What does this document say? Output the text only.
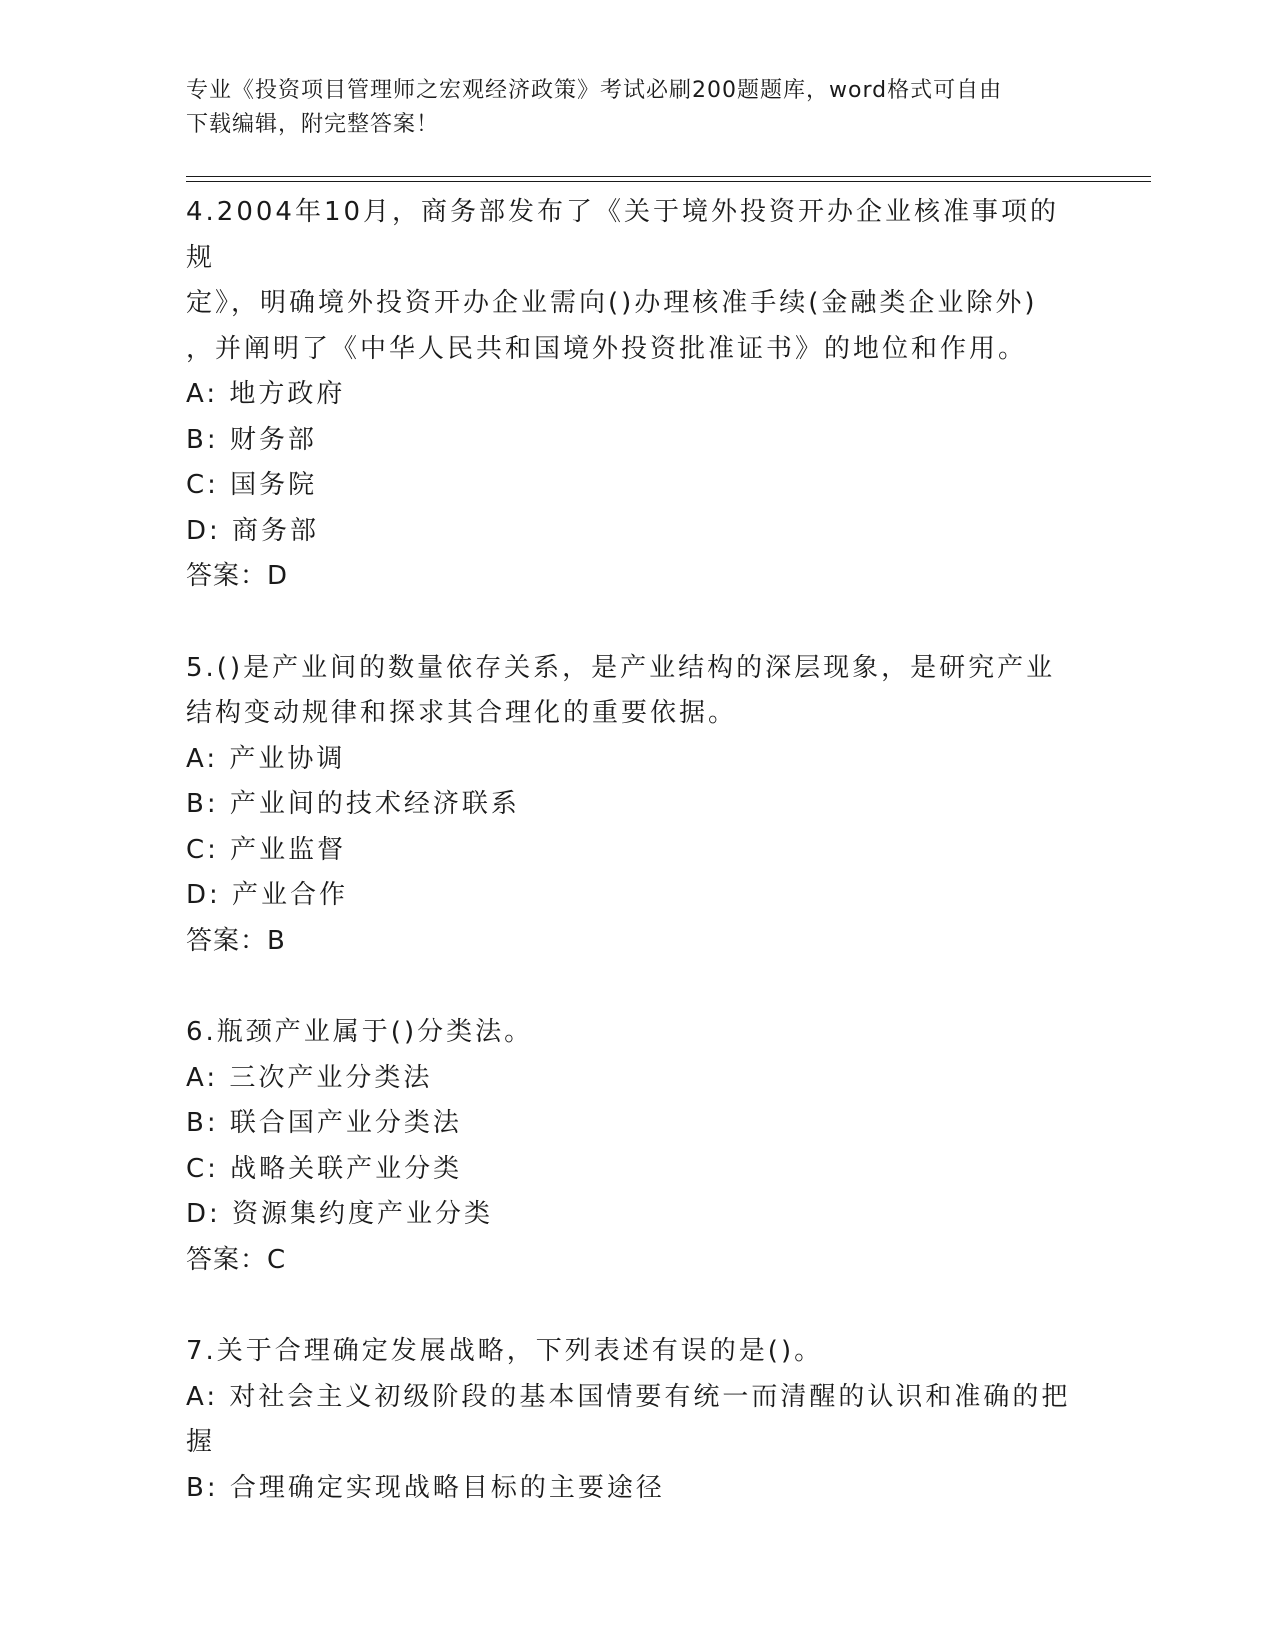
专业《投资项目管理师之宏观经济政策》考试必刷200题题库，word格式可自由
下载编辑，附完整答案！
4.2004年10月，商务部发布了《关于境外投资开办企业核准事项的规
定》，明确境外投资开办企业需向()办理核准手续(金融类企业除外)
，并阐明了《中华人民共和国境外投资批准证书》的地位和作用。
A: 地方政府
B: 财务部
C: 国务院
D: 商务部
答案：D
5.()是产业间的数量依存关系，是产业结构的深层现象，是研究产业
结构变动规律和探求其合理化的重要依据。
A: 产业协调
B: 产业间的技术经济联系
C: 产业监督
D: 产业合作
答案：B
6.瓶颈产业属于()分类法。
A: 三次产业分类法
B: 联合国产业分类法
C: 战略关联产业分类
D: 资源集约度产业分类
答案：C
7.关于合理确定发展战略，下列表述有误的是()。
A: 对社会主义初级阶段的基本国情要有统一而清醒的认识和准确的把
握
B: 合理确定实现战略目标的主要途径
